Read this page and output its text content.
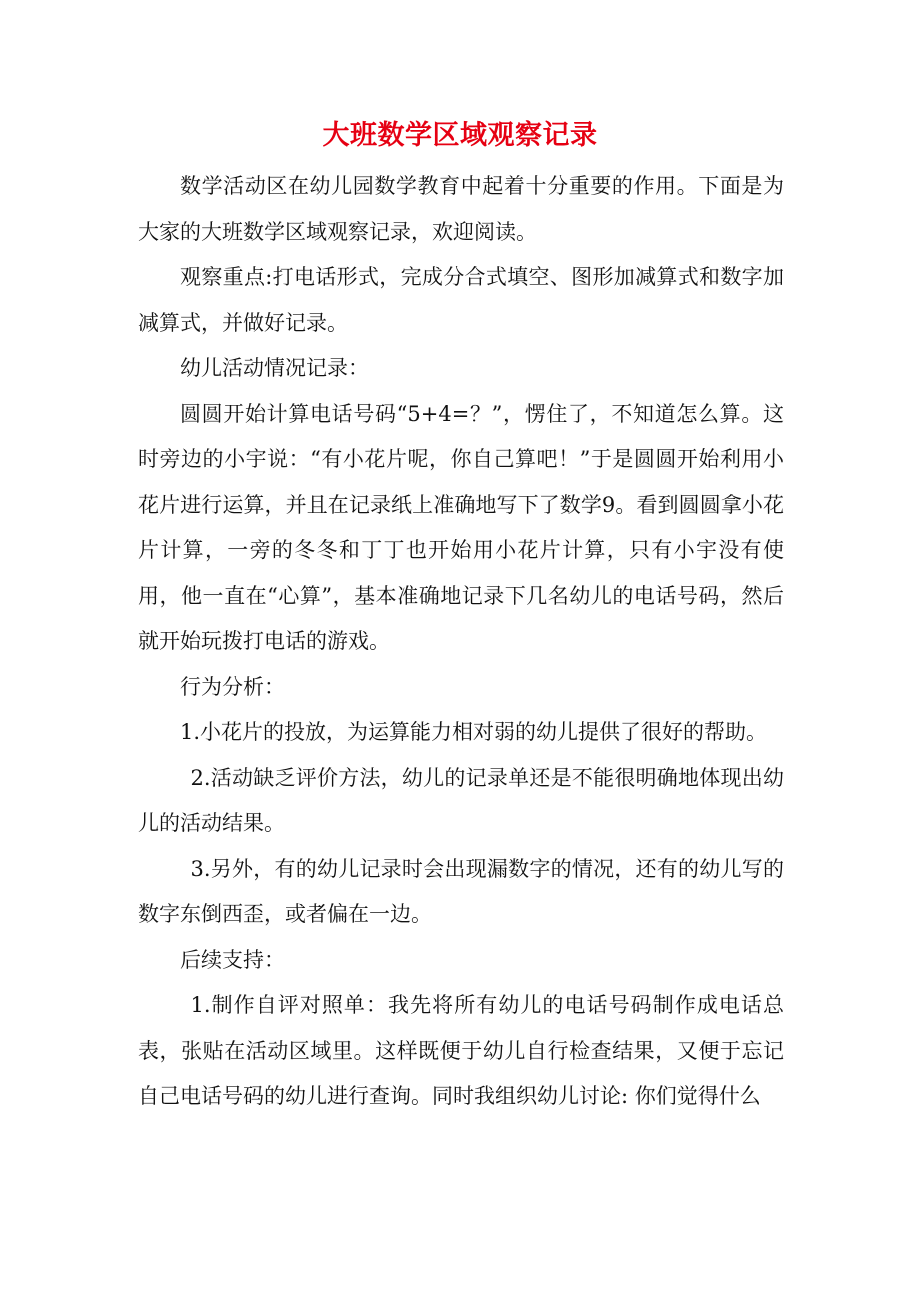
大班数学区域观察记录

数学活动区在幼儿园数学教育中起着十分重要的作用。下面是为大家的大班数学区域观察记录，欢迎阅读。

观察重点:打电话形式，完成分合式填空、图形加减算式和数字加减算式，并做好记录。

幼儿活动情况记录：

圆圆开始计算电话号码“5+4=？”，愣住了，不知道怎么算。这时旁边的小宇说：“有小花片呢，你自己算吧！”于是圆圆开始利用小花片进行运算，并且在记录纸上准确地写下了数学9。看到圆圆拿小花片计算，一旁的冬冬和丁丁也开始用小花片计算，只有小宇没有使用，他一直在“心算”，基本准确地记录下几名幼儿的电话号码，然后就开始玩拨打电话的游戏。

行为分析：

1.小花片的投放，为运算能力相对弱的幼儿提供了很好的帮助。

2.活动缺乏评价方法，幼儿的记录单还是不能很明确地体现出幼儿的活动结果。

3.另外，有的幼儿记录时会出现漏数字的情况，还有的幼儿写的数字东倒西歪，或者偏在一边。

后续支持：

1.制作自评对照单：我先将所有幼儿的电话号码制作成电话总表，张贴在活动区域里。这样既便于幼儿自行检查结果，又便于忘记自己电话号码的幼儿进行查询。同时我组织幼儿讨论: 你们觉得什么
